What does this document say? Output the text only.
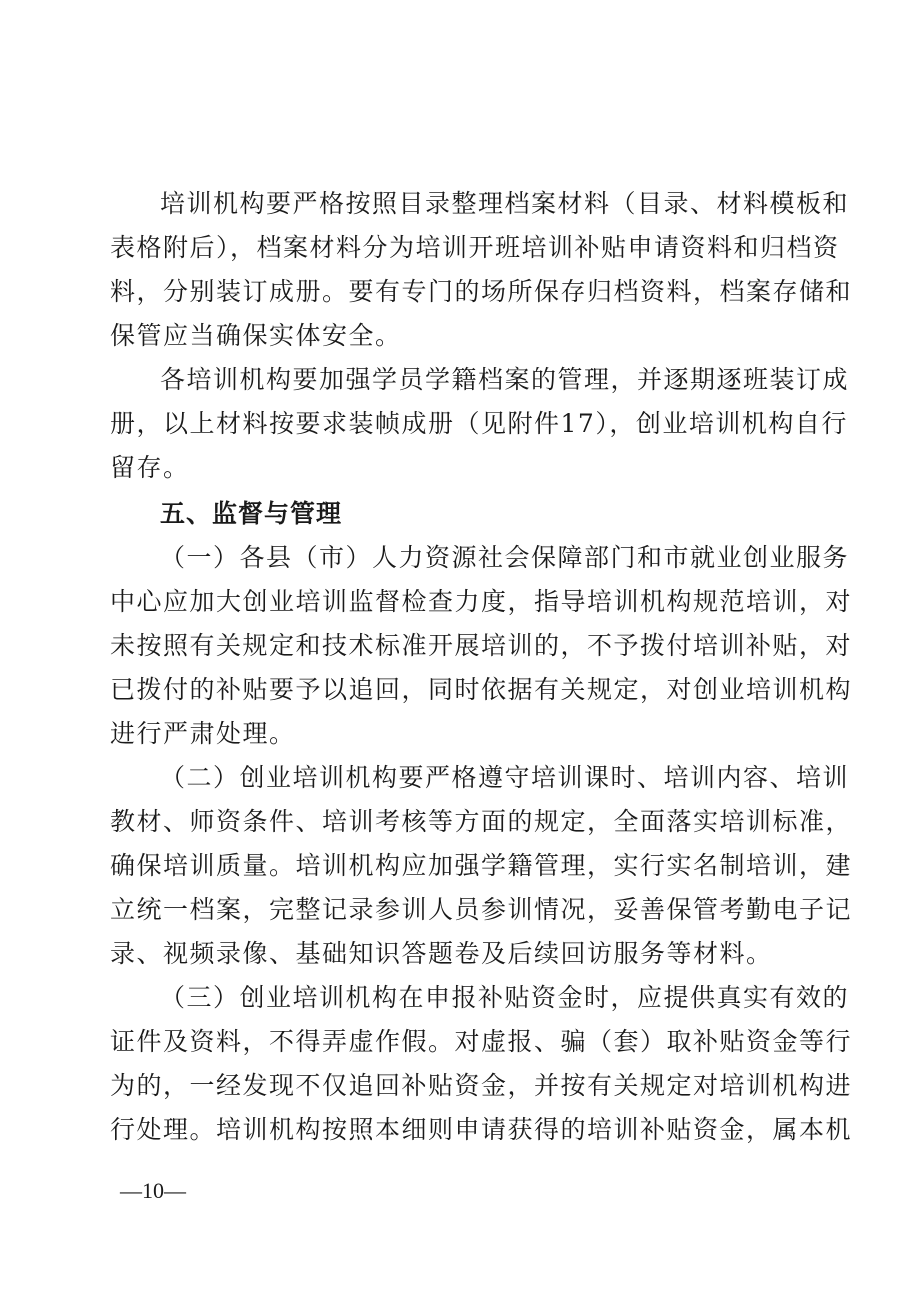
培训机构要严格按照目录整理档案材料（目录、材料模板和
表格附后），档案材料分为培训开班培训补贴申请资料和归档资
料，分别装订成册。要有专门的场所保存归档资料，档案存储和
保管应当确保实体安全。
各培训机构要加强学员学籍档案的管理，并逐期逐班装订成
册，以上材料按要求装帧成册（见附件17），创业培训机构自行
留存。
五、监督与管理
（一）各县（市）人力资源社会保障部门和市就业创业服务
中心应加大创业培训监督检查力度，指导培训机构规范培训，对
未按照有关规定和技术标准开展培训的，不予拨付培训补贴，对
已拨付的补贴要予以追回，同时依据有关规定，对创业培训机构
进行严肃处理。
（二）创业培训机构要严格遵守培训课时、培训内容、培训
教材、师资条件、培训考核等方面的规定，全面落实培训标准，
确保培训质量。培训机构应加强学籍管理，实行实名制培训，建
立统一档案，完整记录参训人员参训情况，妥善保管考勤电子记
录、视频录像、基础知识答题卷及后续回访服务等材料。
（三）创业培训机构在申报补贴资金时，应提供真实有效的
证件及资料，不得弄虚作假。对虚报、骗（套）取补贴资金等行
为的，一经发现不仅追回补贴资金，并按有关规定对培训机构进
行处理。培训机构按照本细则申请获得的培训补贴资金，属本机
—10—
